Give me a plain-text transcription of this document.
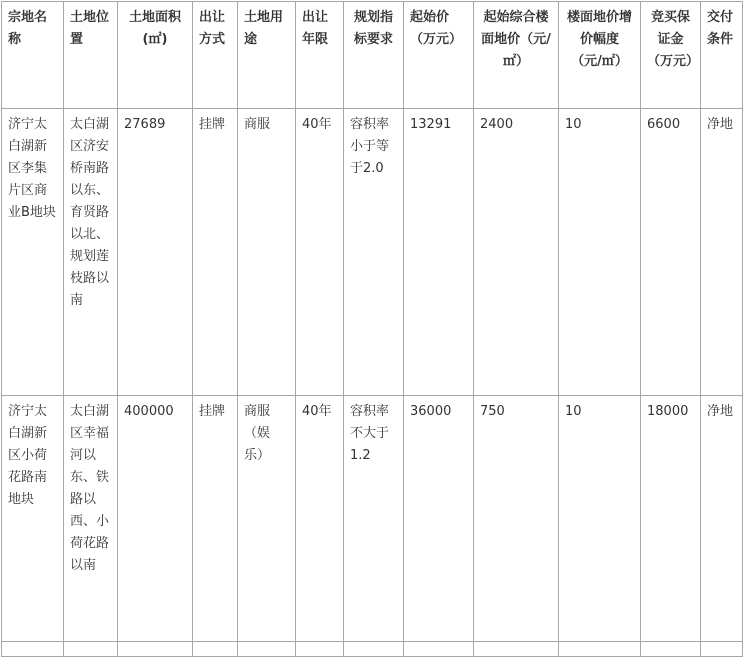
宗地名称	土地位置	土地面积(㎡)	出让方式	土地用途	出让年限	规划指标要求	起始价（万元）	起始综合楼面地价（元/㎡）	楼面地价增价幅度（元/㎡）	竞买保证金（万元）	交付条件
济宁太白湖新区李集片区商业B地块	太白湖区济安桥南路以东、育贤路以北、规划莲枝路以南	27689	挂牌	商服	40年	容积率小于等于2.0	13291	2400	10	6600	净地
济宁太白湖新区小荷花路南地块	太白湖区幸福河以东、铁路以西、小荷花路以南	400000	挂牌	商服（娱乐）	40年	容积率不大于1.2	36000	750	10	18000	净地
